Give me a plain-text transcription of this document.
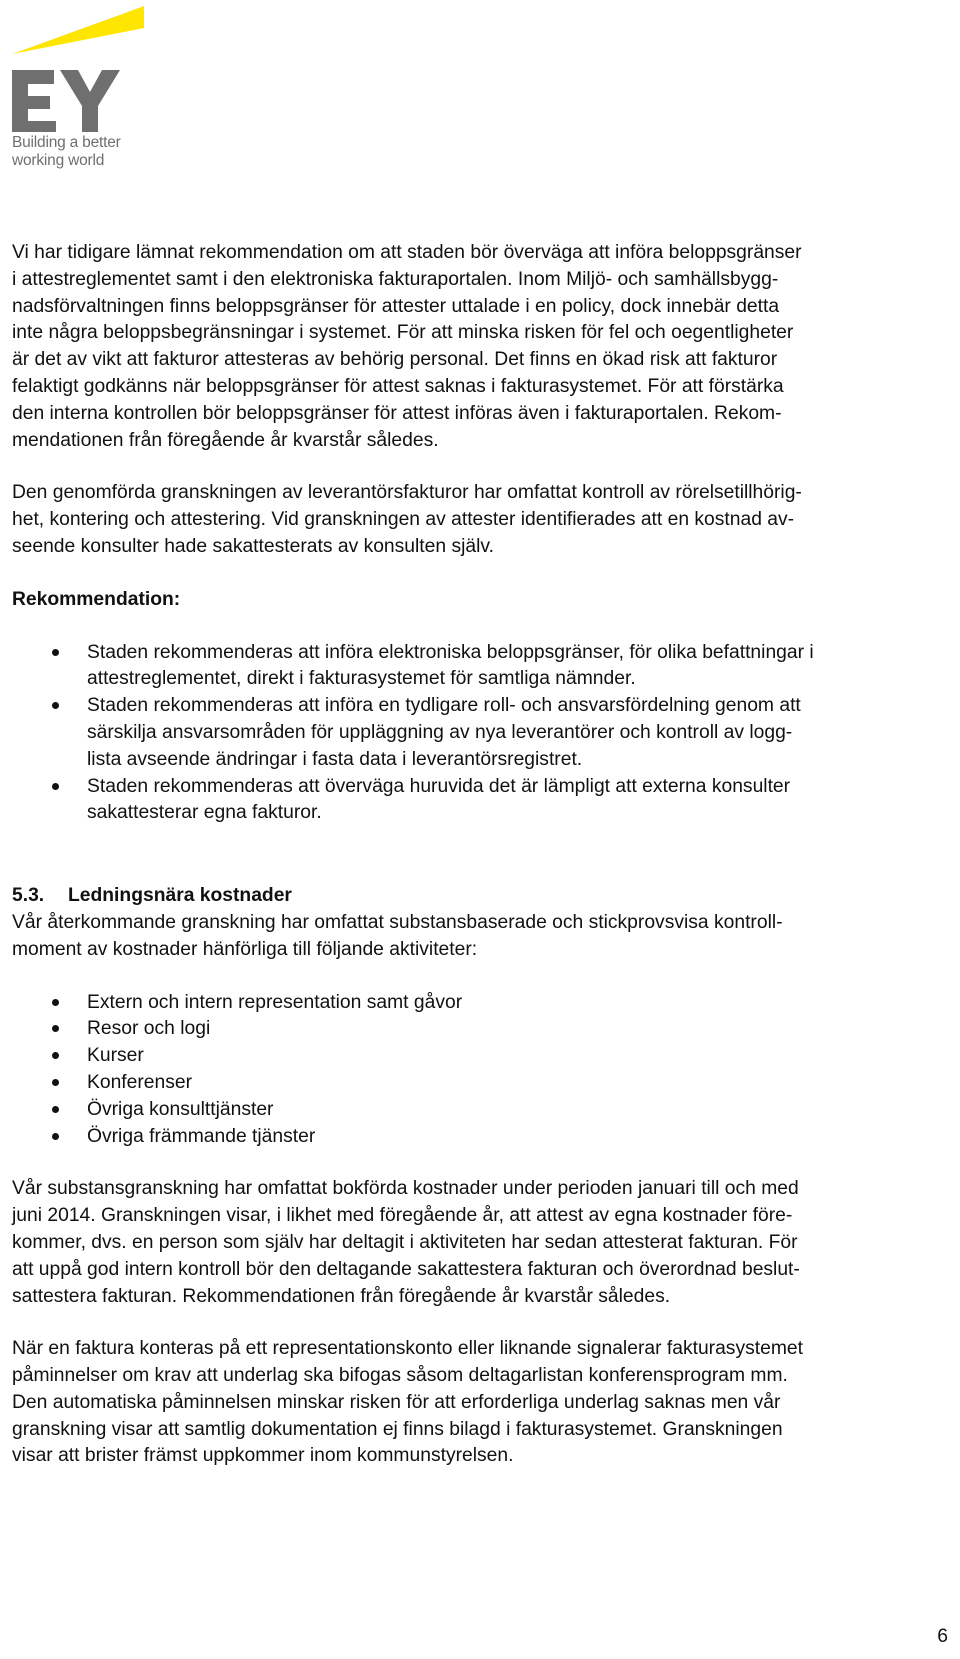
Building a better
working world
Vi har tidigare lämnat rekommendation om att staden bör överväga att införa beloppsgränser
i attestreglementet samt i den elektroniska fakturaportalen. Inom Miljö- och samhällsbygg-
nadsförvaltningen finns beloppsgränser för attester uttalade i en policy, dock innebär detta
inte några beloppsbegränsningar i systemet. För att minska risken för fel och oegentligheter
är det av vikt att fakturor attesteras av behörig personal. Det finns en ökad risk att fakturor
felaktigt godkänns när beloppsgränser för attest saknas i fakturasystemet. För att förstärka
den interna kontrollen bör beloppsgränser för attest införas även i fakturaportalen. Rekom-
mendationen från föregående år kvarstår således.
Den genomförda granskningen av leverantörsfakturor har omfattat kontroll av rörelsetillhörig-
het, kontering och attestering. Vid granskningen av attester identifierades att en kostnad av-
seende konsulter hade sakattesterats av konsulten själv.
Rekommendation:
Staden rekommenderas att införa elektroniska beloppsgränser, för olika befattningar i
attestreglementet, direkt i fakturasystemet för samtliga nämnder.
Staden rekommenderas att införa en tydligare roll- och ansvarsfördelning genom att
särskilja ansvarsområden för uppläggning av nya leverantörer och kontroll av logg-
lista avseende ändringar i fasta data i leverantörsregistret.
Staden rekommenderas att överväga huruvida det är lämpligt att externa konsulter
sakattesterar egna fakturor.
5.3. Ledningsnära kostnader
Vår återkommande granskning har omfattat substansbaserade och stickprovsvisa kontroll-
moment av kostnader hänförliga till följande aktiviteter:
Extern och intern representation samt gåvor
Resor och logi
Kurser
Konferenser
Övriga konsulttjänster
Övriga främmande tjänster
Vår substansgranskning har omfattat bokförda kostnader under perioden januari till och med
juni 2014. Granskningen visar, i likhet med föregående år, att attest av egna kostnader före-
kommer, dvs. en person som själv har deltagit i aktiviteten har sedan attesterat fakturan. För
att uppå god intern kontroll bör den deltagande sakattestera fakturan och överordnad beslut-
sattestera fakturan. Rekommendationen från föregående år kvarstår således.
När en faktura konteras på ett representationskonto eller liknande signalerar fakturasystemet
påminnelser om krav att underlag ska bifogas såsom deltagarlistan konferensprogram mm.
Den automatiska påminnelsen minskar risken för att erforderliga underlag saknas men vår
granskning visar att samtlig dokumentation ej finns bilagd i fakturasystemet. Granskningen
visar att brister främst uppkommer inom kommunstyrelsen.
6
